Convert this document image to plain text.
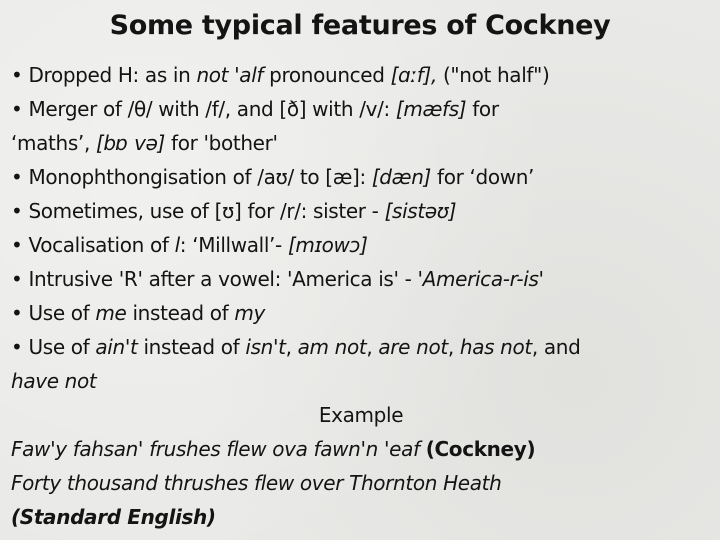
Some typical features of Cockney
• Dropped H: as in not 'alf pronounced [ɑːf], ("not half")
• Merger of /θ/ with /f/, and [ð] with /v/: [mæfs] for
‘maths’, [bɒ və] for 'bother'
• Monophthongisation of /aʊ/ to [æ]: [dæn] for ‘down’
• Sometimes, use of [ʊ] for /r/: sister - [sistəʊ]
• Vocalisation of l: ‘Millwall’- [mɪowɔ]
• Intrusive 'R' after a vowel: 'America is' - 'America-r-is'
• Use of me instead of my
• Use of ain't instead of isn't, am not, are not, has not, and
have not
Example
Faw'y fahsan' frushes flew ova fawn'n 'eaf (Cockney)
Forty thousand thrushes flew over Thornton Heath
(Standard English)
